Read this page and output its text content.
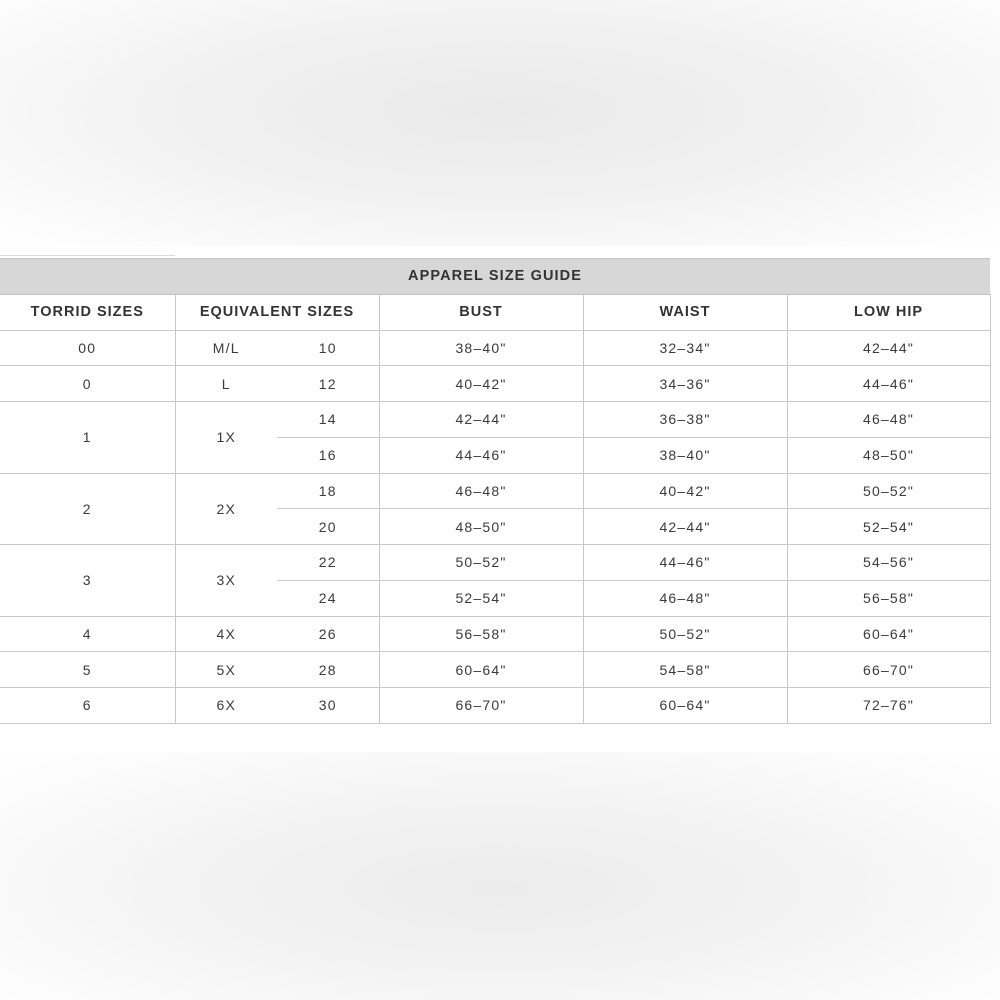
APPAREL SIZE GUIDE					
TORRID SIZES	EQUIVALENT SIZES		BUST	WAIST	LOW HIP
00	M/L	10	38–40"	32–34"	42–44"
0	L	12	40–42"	34–36"	44–46"
1	1X	14	42–44"	36–38"	46–48"
		16	44–46"	38–40"	48–50"
2	2X	18	46–48"	40–42"	50–52"
		20	48–50"	42–44"	52–54"
3	3X	22	50–52"	44–46"	54–56"
		24	52–54"	46–48"	56–58"
4	4X	26	56–58"	50–52"	60–64"
5	5X	28	60–64"	54–58"	66–70"
6	6X	30	66–70"	60–64"	72–76"
